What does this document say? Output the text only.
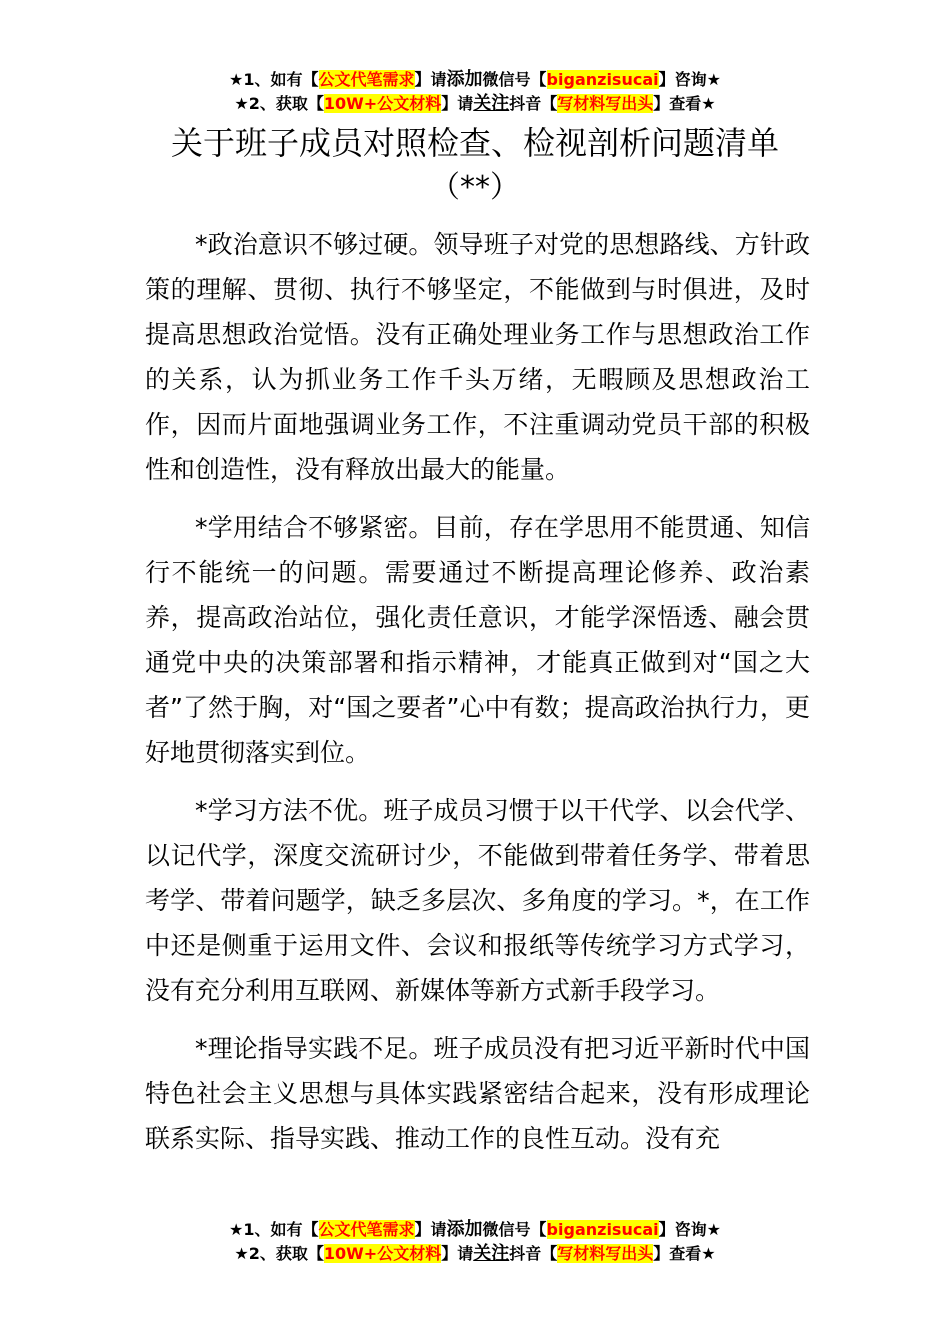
★1、如有【公文代笔需求】请添加微信号【biganzisucai】咨询★
★2、获取【10W+公文材料】请关注抖音【写材料写出头】查看★
关于班子成员对照检查、检视剖析问题清单
（**）

*政治意识不够过硬。领导班子对党的思想路线、方针政策的理解、贯彻、执行不够坚定，不能做到与时俱进，及时提高思想政治觉悟。没有正确处理业务工作与思想政治工作的关系，认为抓业务工作千头万绪，无暇顾及思想政治工作，因而片面地强调业务工作，不注重调动党员干部的积极性和创造性，没有释放出最大的能量。

*学用结合不够紧密。目前，存在学思用不能贯通、知信行不能统一的问题。需要通过不断提高理论修养、政治素养，提高政治站位，强化责任意识，才能学深悟透、融会贯通党中央的决策部署和指示精神，才能真正做到对“国之大者”了然于胸，对“国之要者”心中有数；提高政治执行力，更好地贯彻落实到位。

*学习方法不优。班子成员习惯于以干代学、以会代学、以记代学，深度交流研讨少，不能做到带着任务学、带着思考学、带着问题学，缺乏多层次、多角度的学习。*，在工作中还是侧重于运用文件、会议和报纸等传统学习方式学习，没有充分利用互联网、新媒体等新方式新手段学习。

*理论指导实践不足。班子成员没有把习近平新时代中国特色社会主义思想与具体实践紧密结合起来，没有形成理论联系实际、指导实践、推动工作的良性互动。没有充

★1、如有【公文代笔需求】请添加微信号【biganzisucai】咨询★
★2、获取【10W+公文材料】请关注抖音【写材料写出头】查看★
